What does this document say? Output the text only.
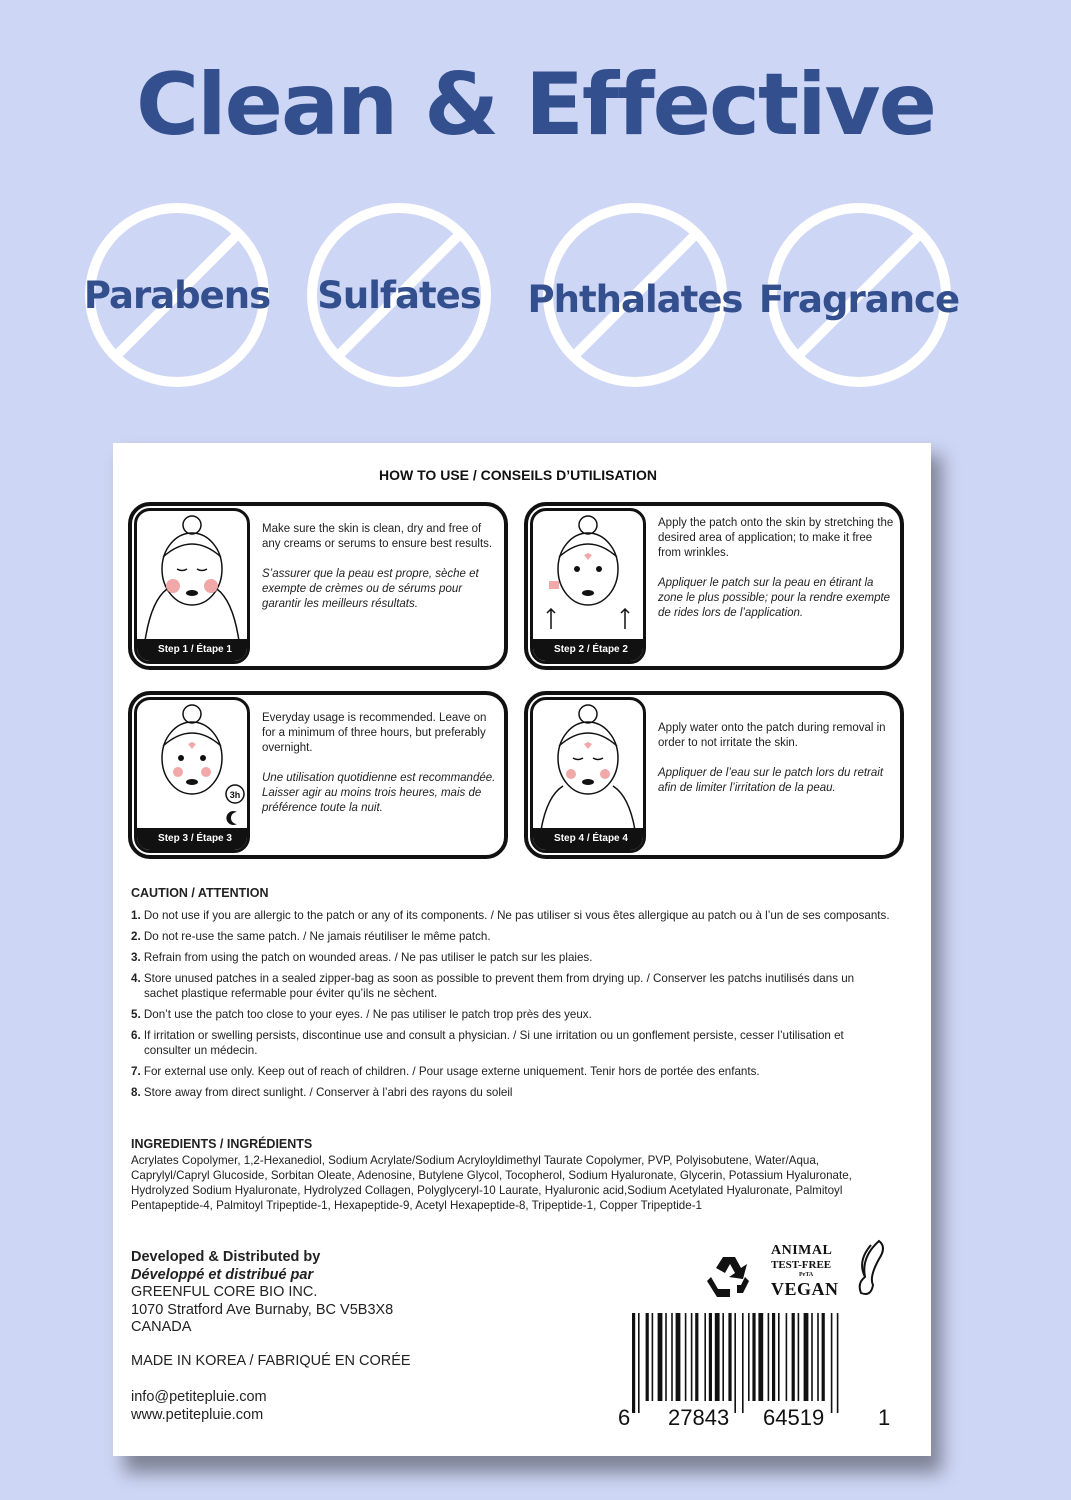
Clean & Effective
Parabens	Sulfates	Phthalates Fragrance
HOW TO USE / CONSEILS D’UTILISATION
Step 1 / Étape 1
Make sure the skin is clean, dry and free of any creams or serums to ensure best results.
S’assurer que la peau est propre, sèche et exempte de crèmes ou de sérums pour garantir les meilleurs résultats.
Step 2 / Étape 2
Apply the patch onto the skin by stretching the desired area of application; to make it free from wrinkles.
Appliquer le patch sur la peau en étirant la zone le plus possible; pour la rendre exempte de rides lors de l’application.
3h
Step 3 / Étape 3
Everyday usage is recommended. Leave on for a minimum of three hours, but preferably overnight.
Une utilisation quotidienne est recommandée. Laisser agir au moins trois heures, mais de préférence toute la nuit.
Step 4 / Étape 4
Apply water onto the patch during removal in order to not irritate the skin.
Appliquer de l’eau sur le patch lors du retrait afin de limiter l’irritation de la peau.
CAUTION / ATTENTION
1. Do not use if you are allergic to the patch or any of its components. / Ne pas utiliser si vous êtes allergique au patch ou à l’un de ses composants.
2. Do not re-use the same patch. / Ne jamais réutiliser le même patch.
3. Refrain from using the patch on wounded areas. / Ne pas utiliser le patch sur les plaies.
4. Store unused patches in a sealed zipper-bag as soon as possible to prevent them from drying up. / Conserver les patchs inutilisés dans un sachet plastique refermable pour éviter qu’ils ne sèchent.
5. Don’t use the patch too close to your eyes. / Ne pas utiliser le patch trop près des yeux.
6. If irritation or swelling persists, discontinue use and consult a physician. / Si une irritation ou un gonflement persiste, cesser l’utilisation et consulter un médecin.
7. For external use only. Keep out of reach of children. / Pour usage externe uniquement. Tenir hors de portée des enfants.
8. Store away from direct sunlight. / Conserver à l’abri des rayons du soleil
INGREDIENTS / INGRÉDIENTS
Acrylates Copolymer, 1,2-Hexanediol, Sodium Acrylate/Sodium Acryloyldimethyl Taurate Copolymer, PVP, Polyisobutene, Water/Aqua, Caprylyl/Capryl Glucoside, Sorbitan Oleate, Adenosine, Butylene Glycol, Tocopherol, Sodium Hyaluronate, Glycerin, Potassium Hyaluronate, Hydrolyzed Sodium Hyaluronate, Hydrolyzed Collagen, Polyglyceryl-10 Laurate, Hyaluronic acid,Sodium Acetylated Hyaluronate, Palmitoyl Pentapeptide-4, Palmitoyl Tripeptide-1, Hexapeptide-9, Acetyl Hexapeptide-8, Tripeptide-1, Copper Tripeptide-1
Developed & Distributed by
Développé et distribué par
GREENFUL CORE BIO INC.
1070 Stratford Ave Burnaby, BC V5B3X8
CANADA
MADE IN KOREA / FABRIQUÉ EN CORÉE
info@petitepluie.com
www.petitepluie.com
ANIMAL
TEST-FREE
PeTA
VEGAN
6 27843 64519 1
